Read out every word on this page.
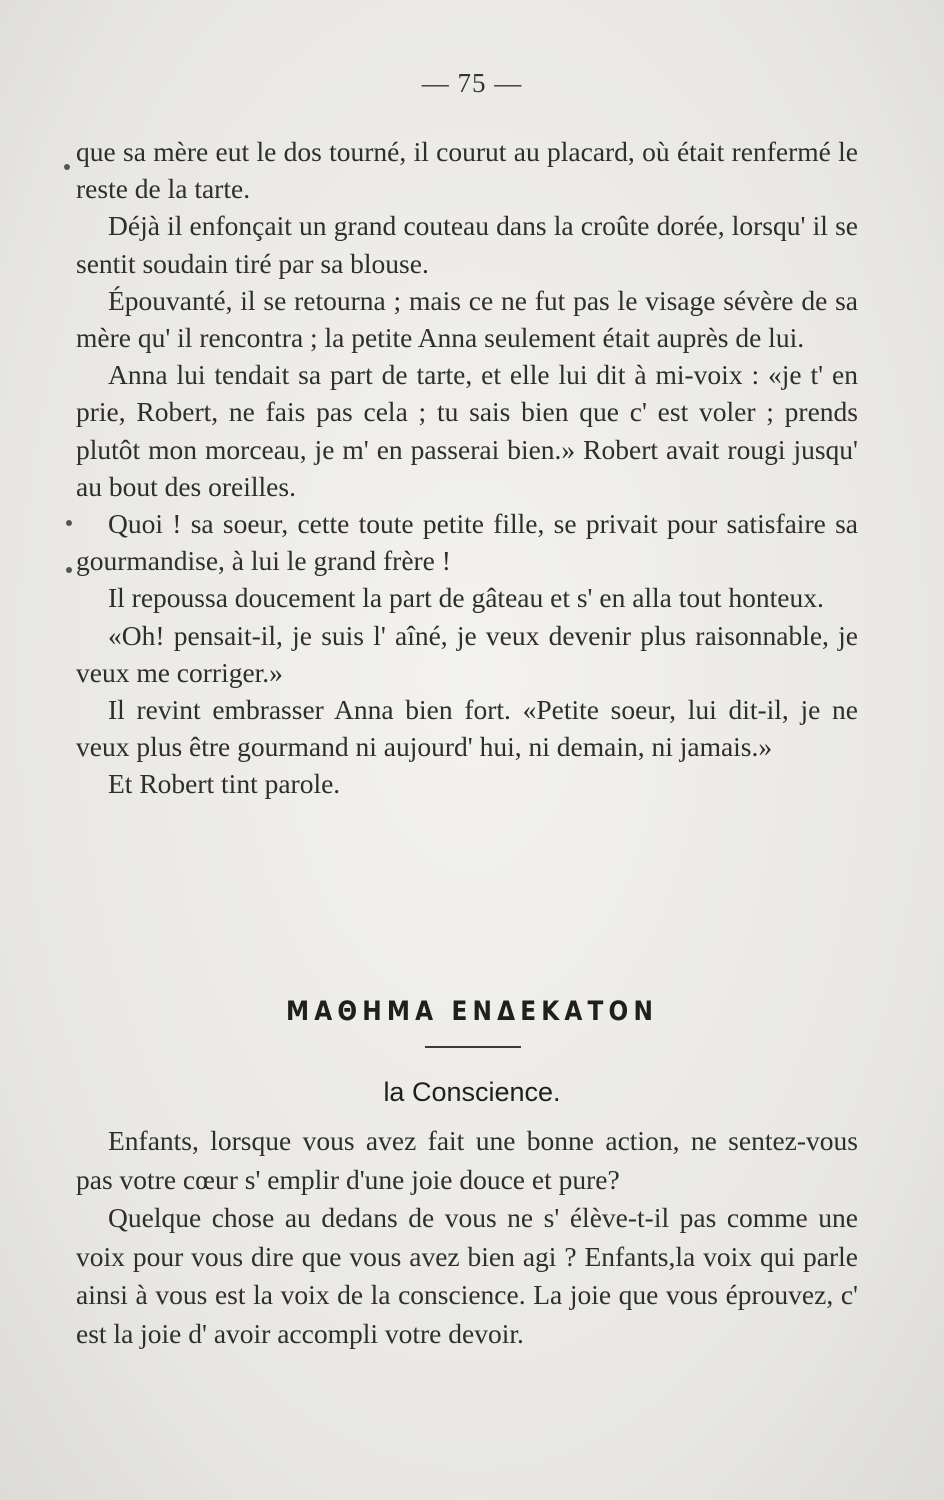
— 75 —

que sa mère eut le dos tourné, il courut au placard, où était renfermé le reste de la tarte.

Déjà il enfonçait un grand couteau dans la croûte dorée, lorsqu' il se sentit soudain tiré par sa blouse.

Épouvanté, il se retourna ; mais ce ne fut pas le visage sévère de sa mère qu' il rencontra ; la petite Anna seulement était auprès de lui.

Anna lui tendait sa part de tarte, et elle lui dit à mi-voix : «je t' en prie, Robert, ne fais pas cela ; tu sais bien que c' est voler ; prends plutôt mon morceau, je m' en passerai bien.» Robert avait rougi jusqu' au bout des oreilles.

Quoi ! sa soeur, cette toute petite fille, se privait pour satisfaire sa gourmandise, à lui le grand frère !

Il repoussa doucement la part de gâteau et s' en alla tout honteux.

«Oh! pensait-il, je suis l' aîné, je veux devenir plus raisonnable, je veux me corriger.»

Il revint embrasser Anna bien fort. «Petite soeur, lui dit-il, je ne veux plus être gourmand ni aujourd' hui, ni demain, ni jamais.»

Et Robert tint parole.

ΜΑΘΗΜΑ ΕΝΔΕΚΑΤΟΝ
la Conscience.

Enfants, lorsque vous avez fait une bonne action, ne sentez-vous pas votre cœur s' emplir d'une joie douce et pure?

Quelque chose au dedans de vous ne s' élève-t-il pas comme une voix pour vous dire que vous avez bien agi ? Enfants,la voix qui parle ainsi à vous est la voix de la conscience. La joie que vous éprouvez, c' est la joie d' avoir accompli votre devoir.
